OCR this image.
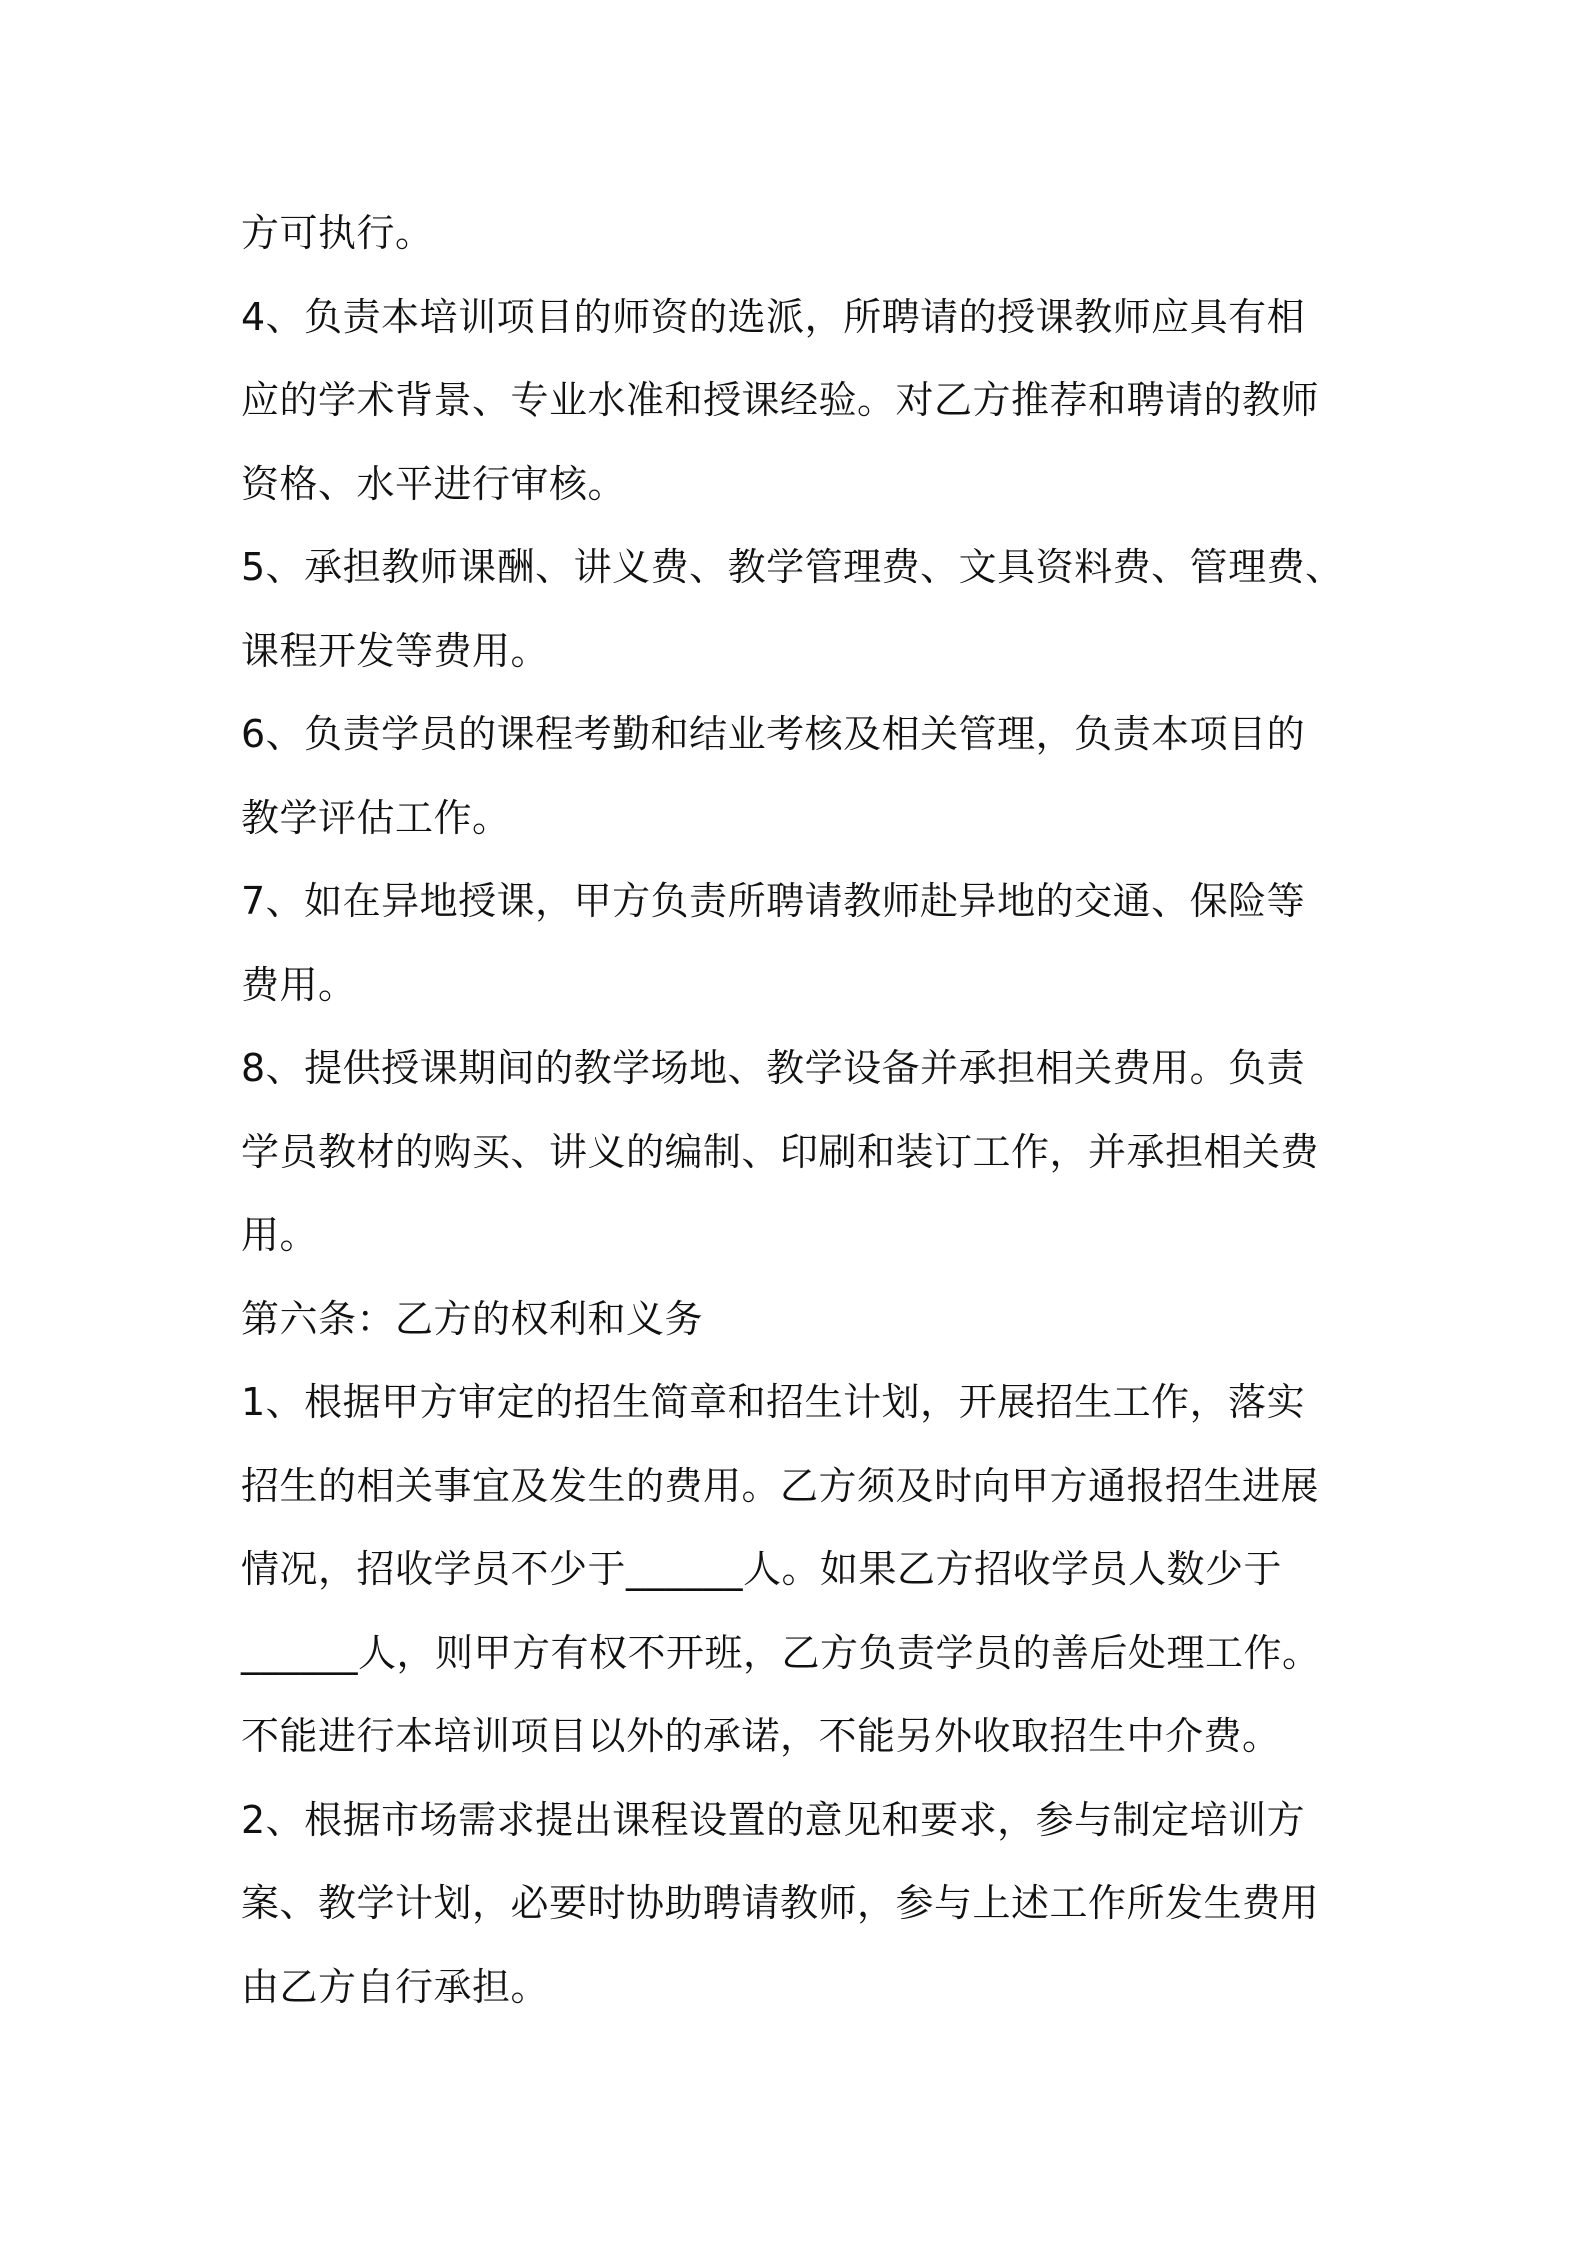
方可执行。
4、负责本培训项目的师资的选派，所聘请的授课教师应具有相
应的学术背景、专业水准和授课经验。对乙方推荐和聘请的教师
资格、水平进行审核。
5、承担教师课酬、讲义费、教学管理费、文具资料费、管理费、
课程开发等费用。
6、负责学员的课程考勤和结业考核及相关管理，负责本项目的
教学评估工作。
7、如在异地授课，甲方负责所聘请教师赴异地的交通、保险等
费用。
8、提供授课期间的教学场地、教学设备并承担相关费用。负责
学员教材的购买、讲义的编制、印刷和装订工作，并承担相关费
用。
第六条：乙方的权利和义务
1、根据甲方审定的招生简章和招生计划，开展招生工作，落实
招生的相关事宜及发生的费用。乙方须及时向甲方通报招生进展
情况，招收学员不少于______人。如果乙方招收学员人数少于
______人，则甲方有权不开班，乙方负责学员的善后处理工作。
不能进行本培训项目以外的承诺，不能另外收取招生中介费。
2、根据市场需求提出课程设置的意见和要求，参与制定培训方
案、教学计划，必要时协助聘请教师，参与上述工作所发生费用
由乙方自行承担。
